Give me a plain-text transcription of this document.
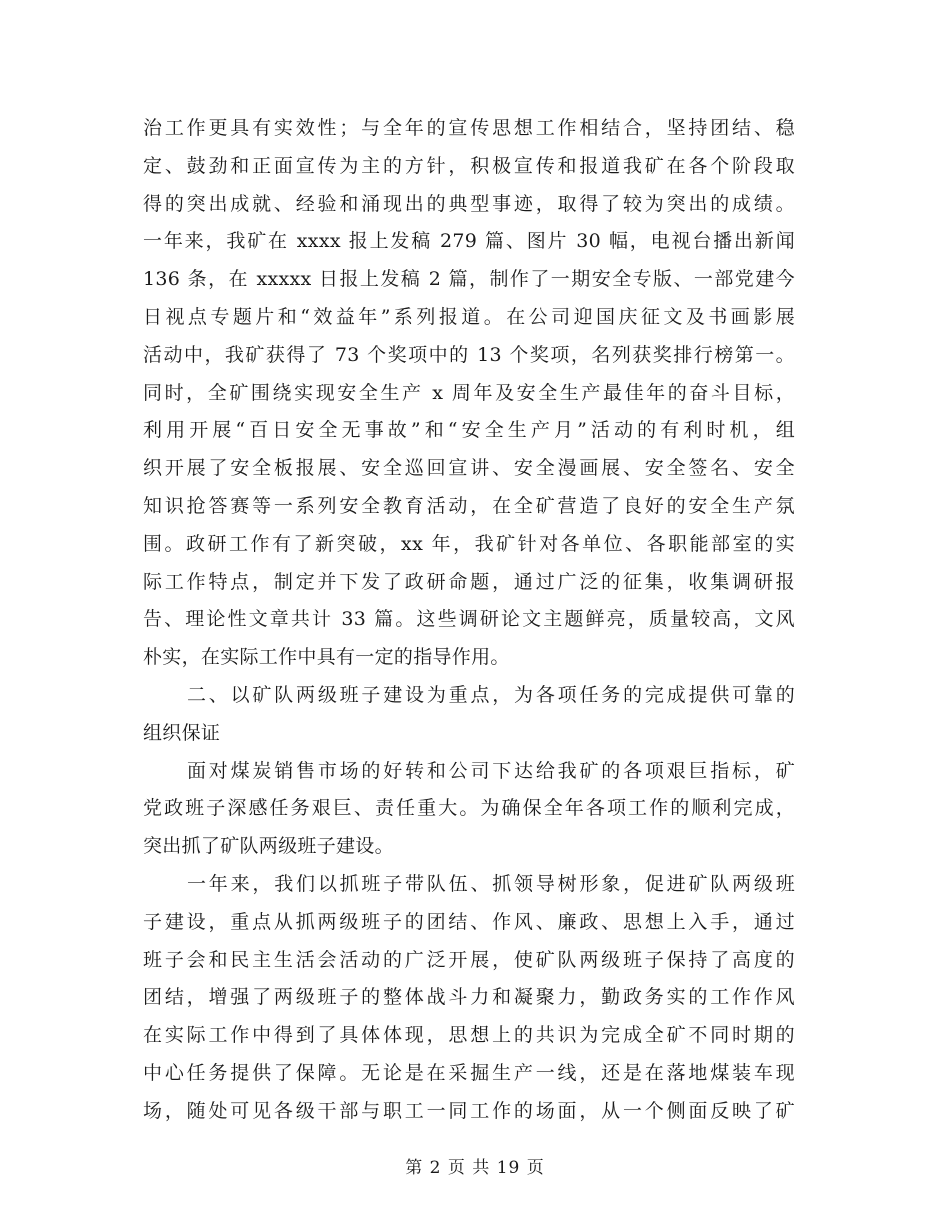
治工作更具有实效性；与全年的宣传思想工作相结合，坚持团结、稳
定、鼓劲和正面宣传为主的方针，积极宣传和报道我矿在各个阶段取
得的突出成就、经验和涌现出的典型事迹，取得了较为突出的成绩。
一年来，我矿在 xxxx 报上发稿 279 篇、图片 30 幅，电视台播出新闻
136 条，在 xxxxx 日报上发稿 2 篇，制作了一期安全专版、一部党建今
日视点专题片和“效益年”系列报道。在公司迎国庆征文及书画影展
活动中，我矿获得了 73 个奖项中的 13 个奖项，名列获奖排行榜第一。
同时，全矿围绕实现安全生产 x 周年及安全生产最佳年的奋斗目标，
利用开展“百日安全无事故”和“安全生产月”活动的有利时机，组
织开展了安全板报展、安全巡回宣讲、安全漫画展、安全签名、安全
知识抢答赛等一系列安全教育活动，在全矿营造了良好的安全生产氛
围。政研工作有了新突破，xx 年，我矿针对各单位、各职能部室的实
际工作特点，制定并下发了政研命题，通过广泛的征集，收集调研报
告、理论性文章共计 33 篇。这些调研论文主题鲜亮，质量较高，文风
朴实，在实际工作中具有一定的指导作用。
二、以矿队两级班子建设为重点，为各项任务的完成提供可靠的
组织保证
面对煤炭销售市场的好转和公司下达给我矿的各项艰巨指标，矿
党政班子深感任务艰巨、责任重大。为确保全年各项工作的顺利完成，
突出抓了矿队两级班子建设。
一年来，我们以抓班子带队伍、抓领导树形象，促进矿队两级班
子建设，重点从抓两级班子的团结、作风、廉政、思想上入手，通过
班子会和民主生活会活动的广泛开展，使矿队两级班子保持了高度的
团结，增强了两级班子的整体战斗力和凝聚力，勤政务实的工作作风
在实际工作中得到了具体体现，思想上的共识为完成全矿不同时期的
中心任务提供了保障。无论是在采掘生产一线，还是在落地煤装车现
场，随处可见各级干部与职工一同工作的场面，从一个侧面反映了矿
第 2 页 共 19 页
